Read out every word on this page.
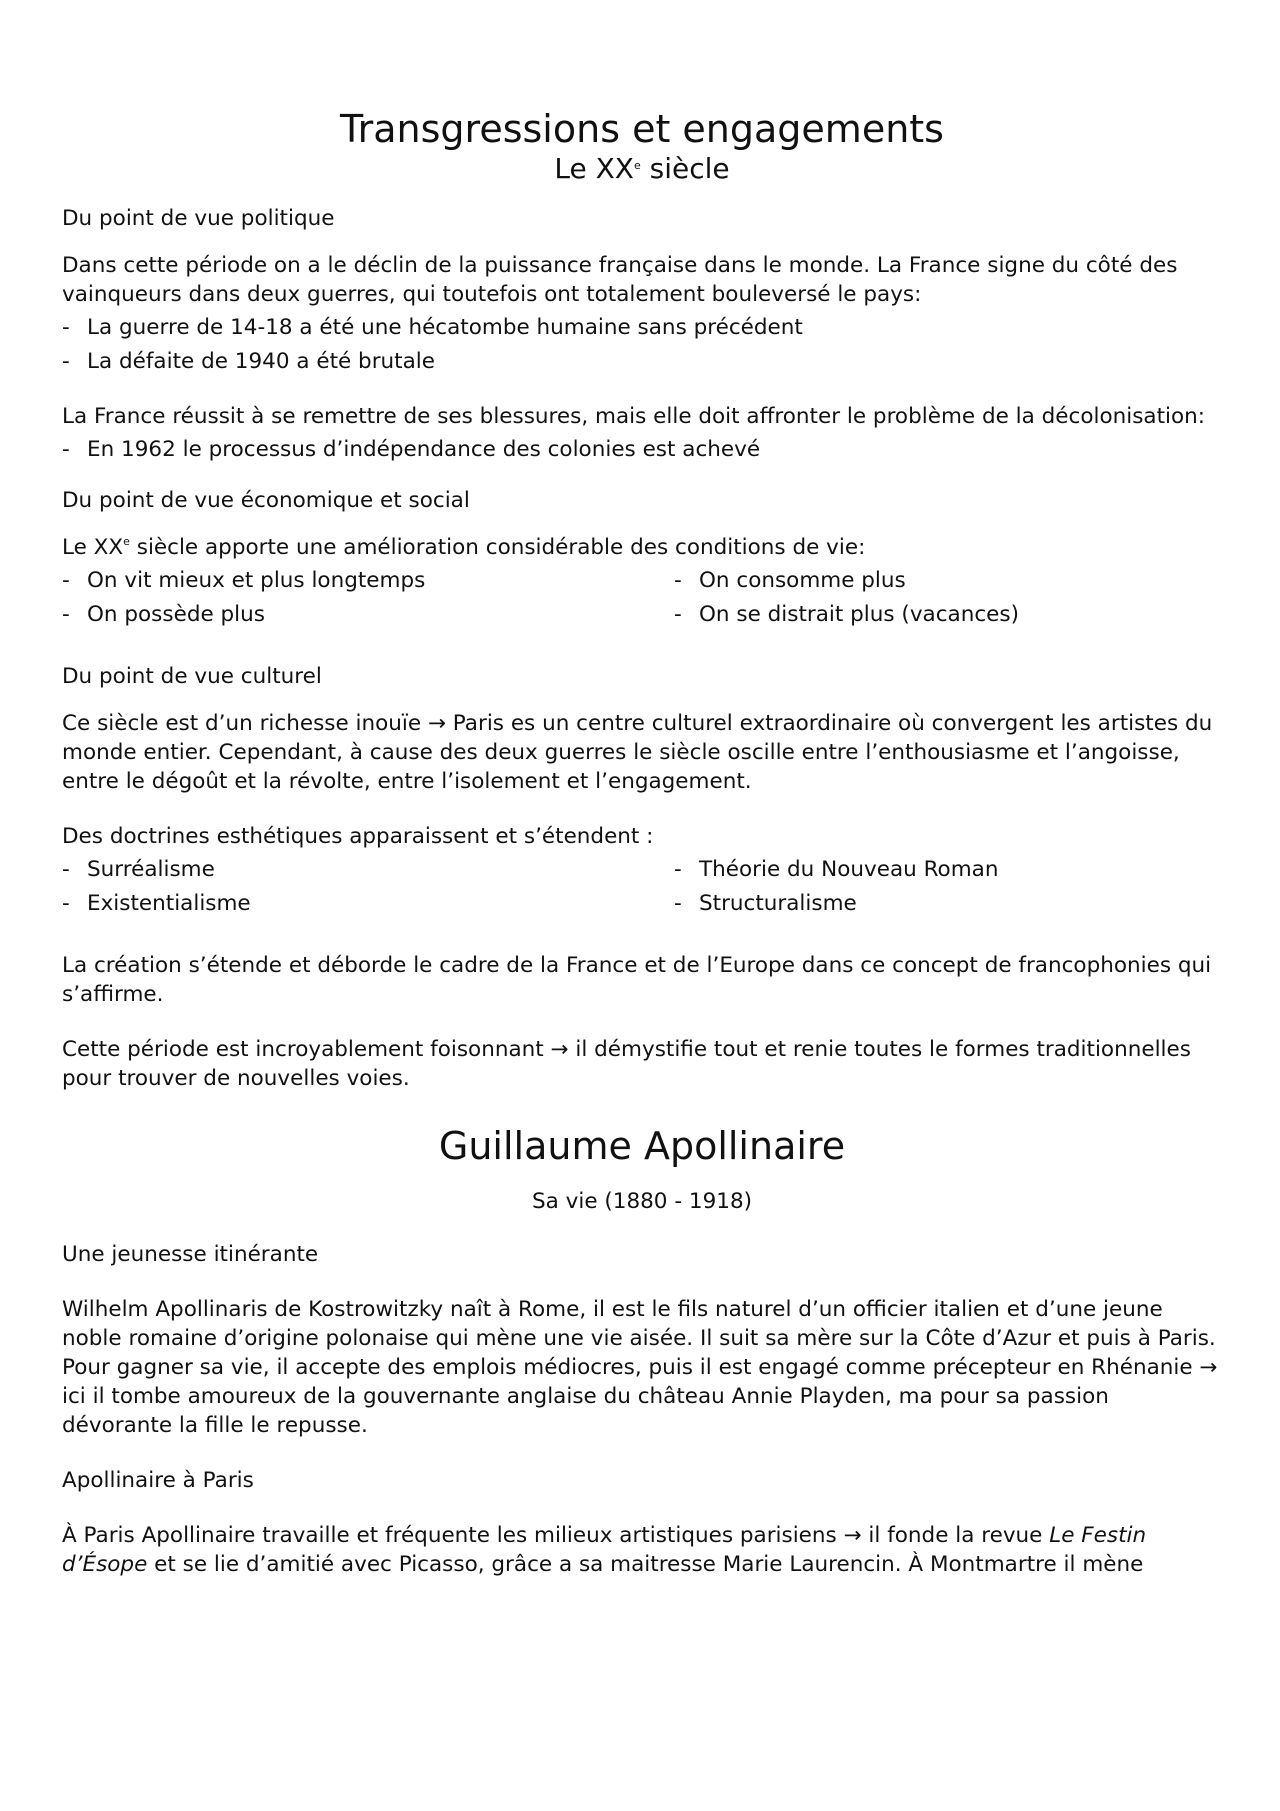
Transgressions et engagements
Le XXe siècle

Du point de vue politique

Dans cette période on a le déclin de la puissance française dans le monde. La France signe du côté des vainqueurs dans deux guerres, qui toutefois ont totalement bouleversé le pays:

- La guerre de 14-18 a été une hécatombe humaine sans précédent
- La défaite de 1940 a été brutale

La France réussit à se remettre de ses blessures, mais elle doit affronter le problème de la décolonisation:

- En 1962 le processus d’indépendance des colonies est achevé

Du point de vue économique et social

Le XXe siècle apporte une amélioration considérable des conditions de vie:

- On vit mieux et plus longtemps
- On possède plus
- On consomme plus
- On se distrait plus (vacances)

Du point de vue culturel

Ce siècle est d’un richesse inouïe → Paris es un centre culturel extraordinaire où convergent les artistes du monde entier. Cependant, à cause des deux guerres le siècle oscille entre l’enthousiasme et l’angoisse, entre le dégoût et la révolte, entre l’isolement et l’engagement.

Des doctrines esthétiques apparaissent et s’étendent :

- Surréalisme
- Existentialisme
- Théorie du Nouveau Roman
- Structuralisme

La création s’étende et déborde le cadre de la France et de l’Europe dans ce concept de francophonies qui s’affirme.

Cette période est incroyablement foisonnant → il démystifie tout et renie toutes le formes traditionnelles pour trouver de nouvelles voies.

Guillaume Apollinaire

Sa vie (1880 - 1918)

Une jeunesse itinérante

Wilhelm Apollinaris de Kostrowitzky naît à Rome, il est le fils naturel d’un officier italien et d’une jeune noble romaine d’origine polonaise qui mène une vie aisée. Il suit sa mère sur la Côte d’Azur et puis à Paris. Pour gagner sa vie, il accepte des emplois médiocres, puis il est engagé comme précepteur en Rhénanie → ici il tombe amoureux de la gouvernante anglaise du château Annie Playden, ma pour sa passion dévorante la fille le repusse.

Apollinaire à Paris

À Paris Apollinaire travaille et fréquente les milieux artistiques parisiens → il fonde la revue Le Festin d’Ésope et se lie d’amitié avec Picasso, grâce a sa maitresse Marie Laurencin. À Montmartre il mène
